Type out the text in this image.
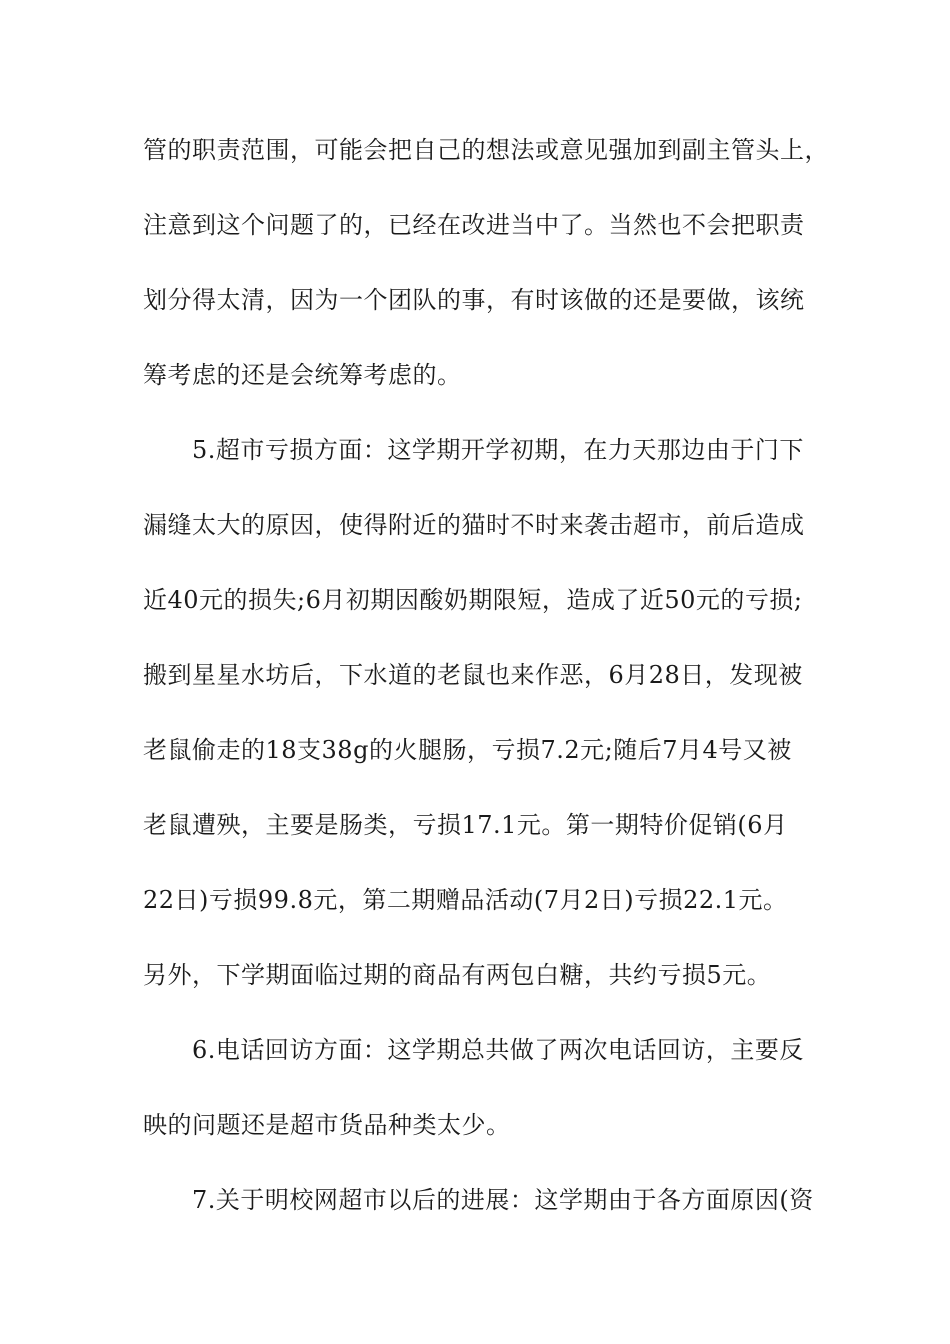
管的职责范围，可能会把自己的想法或意见强加到副主管头上，
注意到这个问题了的，已经在改进当中了。当然也不会把职责
划分得太清，因为一个团队的事，有时该做的还是要做，该统
筹考虑的还是会统筹考虑的。
5.超市亏损方面：这学期开学初期，在力天那边由于门下
漏缝太大的原因，使得附近的猫时不时来袭击超市，前后造成
近40元的损失;6月初期因酸奶期限短，造成了近50元的亏损;
搬到星星水坊后，下水道的老鼠也来作恶，6月28日，发现被
老鼠偷走的18支38g的火腿肠，亏损7.2元;随后7月4号又被
老鼠遭殃，主要是肠类，亏损17.1元。第一期特价促销(6月
22日)亏损99.8元，第二期赠品活动(7月2日)亏损22.1元。
另外，下学期面临过期的商品有两包白糖，共约亏损5元。
6.电话回访方面：这学期总共做了两次电话回访，主要反
映的问题还是超市货品种类太少。
7.关于明校网超市以后的进展：这学期由于各方面原因(资
